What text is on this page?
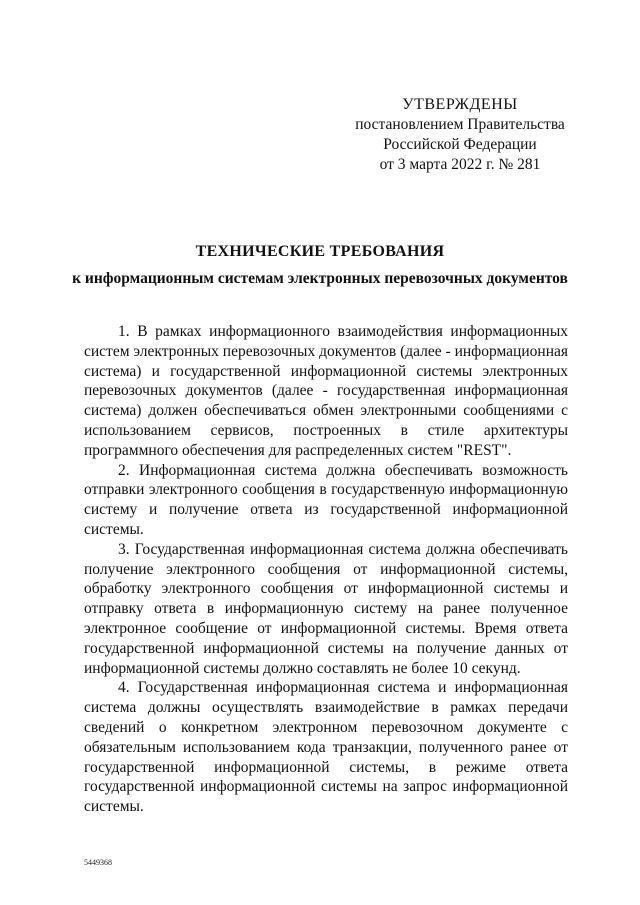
УТВЕРЖДЕНЫ
постановлением Правительства
Российской Федерации
от 3 марта 2022 г. № 281
ТЕХНИЧЕСКИЕ ТРЕБОВАНИЯ
к информационным системам электронных перевозочных документов

1. В рамках информационного взаимодействия информационных систем электронных перевозочных документов (далее - информационная система) и государственной информационной системы электронных перевозочных документов (далее - государственная информационная система) должен обеспечиваться обмен электронными сообщениями с использованием сервисов, построенных в стиле архитектуры программного обеспечения для распределенных систем "REST".

2. Информационная система должна обеспечивать возможность отправки электронного сообщения в государственную информационную систему и получение ответа из государственной информационной системы.

3. Государственная информационная система должна обеспечивать получение электронного сообщения от информационной системы, обработку электронного сообщения от информационной системы и отправку ответа в информационную систему на ранее полученное электронное сообщение от информационной системы. Время ответа государственной информационной системы на получение данных от информационной системы должно составлять не более 10 секунд.

4. Государственная информационная система и информационная система должны осуществлять взаимодействие в рамках передачи сведений о конкретном электронном перевозочном документе с обязательным использованием кода транзакции, полученного ранее от государственной информационной системы, в режиме ответа государственной информационной системы на запрос информационной системы.

5449368
